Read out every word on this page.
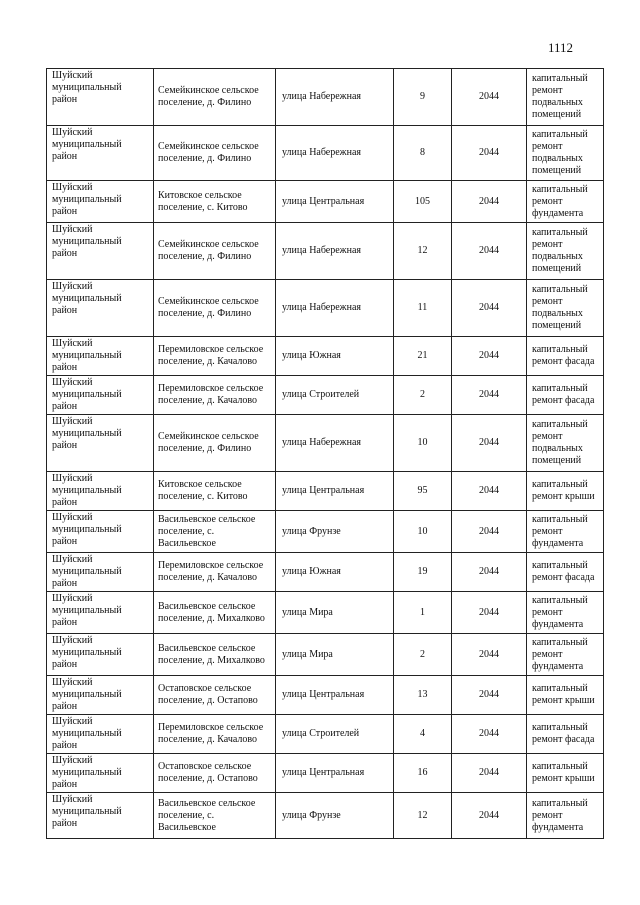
1112
Шуйский муниципальный район	Семейкинское сельское поселение, д. Филино	улица Набережная	9	2044	капитальный ремонт подвальных помещений
Шуйский муниципальный район	Семейкинское сельское поселение, д. Филино	улица Набережная	8	2044	капитальный ремонт подвальных помещений
Шуйский муниципальный район	Китовское сельское поселение, с. Китово	улица Центральная	105	2044	капитальный ремонт фундамента
Шуйский муниципальный район	Семейкинское сельское поселение, д. Филино	улица Набережная	12	2044	капитальный ремонт подвальных помещений
Шуйский муниципальный район	Семейкинское сельское поселение, д. Филино	улица Набережная	11	2044	капитальный ремонт подвальных помещений
Шуйский муниципальный район	Перемиловское сельское поселение, д. Качалово	улица Южная	21	2044	капитальный ремонт фасада
Шуйский муниципальный район	Перемиловское сельское поселение, д. Качалово	улица Строителей	2	2044	капитальный ремонт фасада
Шуйский муниципальный район	Семейкинское сельское поселение, д. Филино	улица Набережная	10	2044	капитальный ремонт подвальных помещений
Шуйский муниципальный район	Китовское сельское поселение, с. Китово	улица Центральная	95	2044	капитальный ремонт крыши
Шуйский муниципальный район	Васильевское сельское поселение, с. Васильевское	улица Фрунзе	10	2044	капитальный ремонт фундамента
Шуйский муниципальный район	Перемиловское сельское поселение, д. Качалово	улица Южная	19	2044	капитальный ремонт фасада
Шуйский муниципальный район	Васильевское сельское поселение, д. Михалково	улица Мира	1	2044	капитальный ремонт фундамента
Шуйский муниципальный район	Васильевское сельское поселение, д. Михалково	улица Мира	2	2044	капитальный ремонт фундамента
Шуйский муниципальный район	Остаповское сельское поселение, д. Остапово	улица Центральная	13	2044	капитальный ремонт крыши
Шуйский муниципальный район	Перемиловское сельское поселение, д. Качалово	улица Строителей	4	2044	капитальный ремонт фасада
Шуйский муниципальный район	Остаповское сельское поселение, д. Остапово	улица Центральная	16	2044	капитальный ремонт крыши
Шуйский муниципальный район	Васильевское сельское поселение, с. Васильевское	улица Фрунзе	12	2044	капитальный ремонт фундамента
